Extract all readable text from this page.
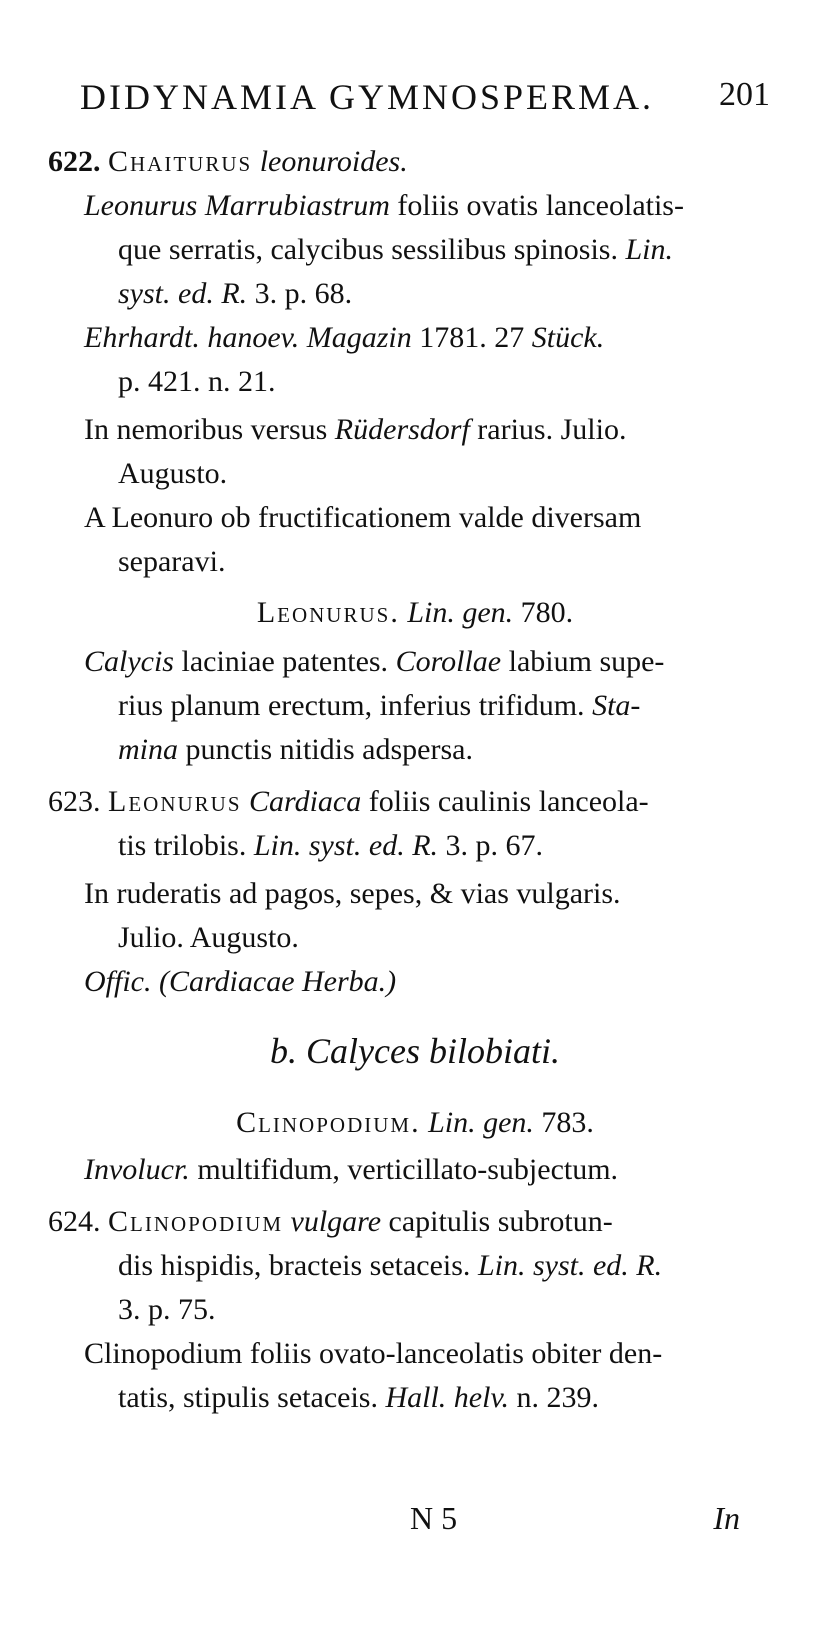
DIDYNAMIA GYMNOSPERMA. 201
622. Chaiturus leonuroides.
Leonurus Marrubiastrum foliis ovatis lanceolatis-
que serratis, calycibus sessilibus spinosis. Lin.
syst. ed. R. 3. p. 68.
Ehrhardt. hanoev. Magazin 1781. 27 Stück.
p. 421. n. 21.
In nemoribus versus Rüdersdorf rarius. Julio.
Augusto.
A Leonuro ob fructificationem valde diversam
separavi.
Leonurus. Lin. gen. 780.
Calycis laciniae patentes. Corollae labium supe-
rius planum erectum, inferius trifidum. Sta-
mina punctis nitidis adspersa.
623. Leonurus Cardiaca foliis caulinis lanceola-
tis trilobis. Lin. syst. ed. R. 3. p. 67.
In ruderatis ad pagos, sepes, & vias vulgaris.
Julio. Augusto.
Offic. (Cardiacae Herba.)
b. Calyces bilobiati.
Clinopodium. Lin. gen. 783.
Involucr. multifidum, verticillato-subjectum.
624. Clinopodium vulgare capitulis subrotun-
dis hispidis, bracteis setaceis. Lin. syst. ed. R.
3. p. 75.
Clinopodium foliis ovato-lanceolatis obiter den-
tatis, stipulis setaceis. Hall. helv. n. 239.
N 5	In
